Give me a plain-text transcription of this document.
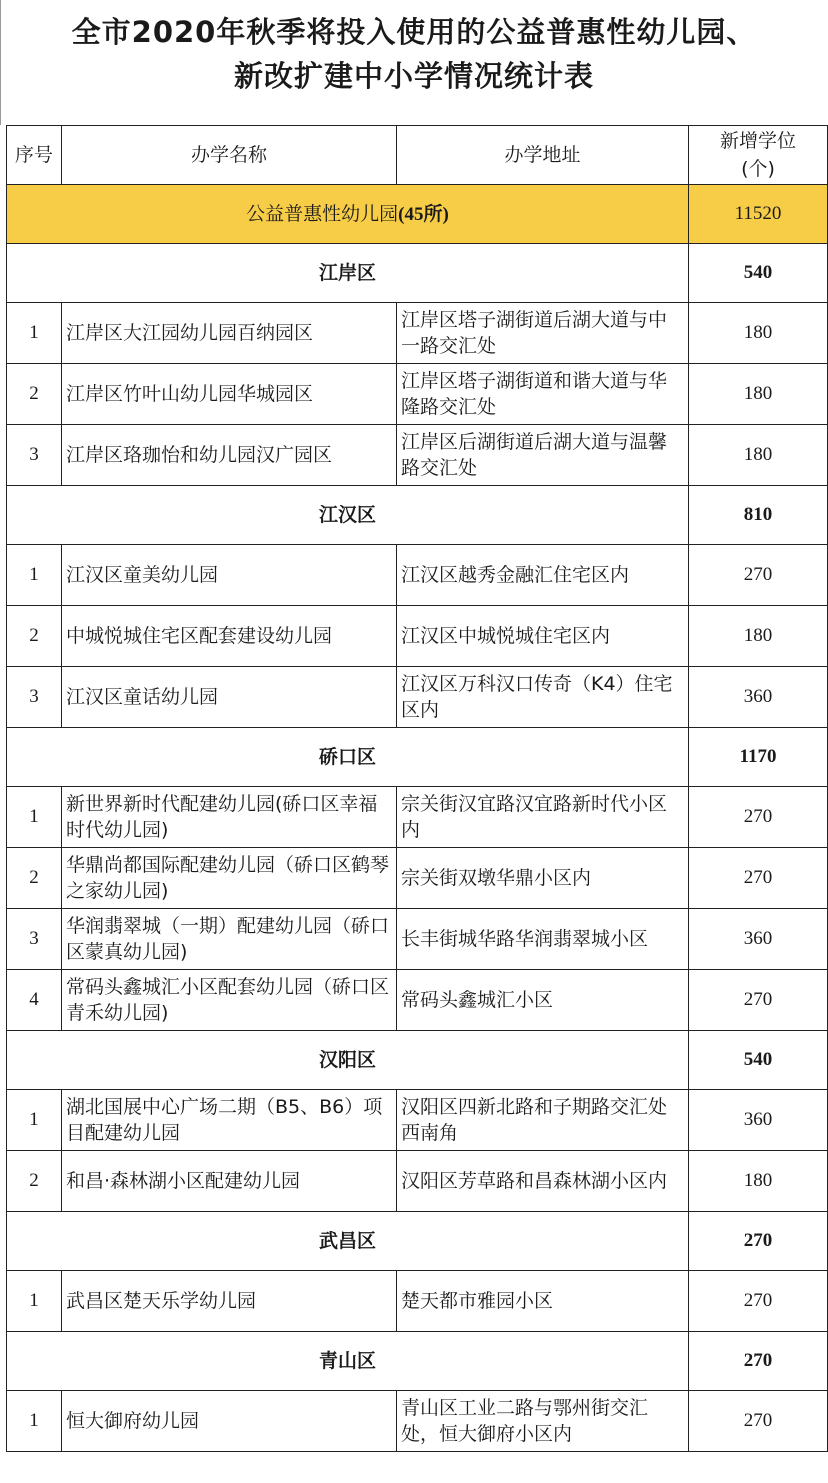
全市2020年秋季将投入使用的公益普惠性幼儿园、
新改扩建中小学情况统计表
序号	办学名称	办学地址	新增学位
(个)

公益普惠性幼儿园(45所)			11520
江岸区			540
1	江岸区大江园幼儿园百纳园区	江岸区塔子湖街道后湖大道与中一路交汇处	180
2	江岸区竹叶山幼儿园华城园区	江岸区塔子湖街道和谐大道与华隆路交汇处	180
3	江岸区珞珈怡和幼儿园汉广园区	江岸区后湖街道后湖大道与温馨路交汇处	180
江汉区			810
1	江汉区童美幼儿园	江汉区越秀金融汇住宅区内	270
2	中城悦城住宅区配套建设幼儿园	江汉区中城悦城住宅区内	180
3	江汉区童话幼儿园	江汉区万科汉口传奇（K4）住宅区内	360
硚口区			1170
1	新世界新时代配建幼儿园(硚口区幸福时代幼儿园)	宗关街汉宜路汉宜路新时代小区内	270
2	华鼎尚都国际配建幼儿园（硚口区鹤琴之家幼儿园)	宗关街双墩华鼎小区内	270
3	华润翡翠城（一期）配建幼儿园（硚口区蒙真幼儿园)	长丰街城华路华润翡翠城小区	360
4	常码头鑫城汇小区配套幼儿园（硚口区青禾幼儿园)	常码头鑫城汇小区	270
汉阳区			540
1	湖北国展中心广场二期（B5、B6）项目配建幼儿园	汉阳区四新北路和子期路交汇处西南角	360
2	和昌·森林湖小区配建幼儿园	汉阳区芳草路和昌森林湖小区内	180
武昌区			270
1	武昌区楚天乐学幼儿园	楚天都市雅园小区	270
青山区			270
1	恒大御府幼儿园	青山区工业二路与鄂州街交汇处，恒大御府小区内	270
